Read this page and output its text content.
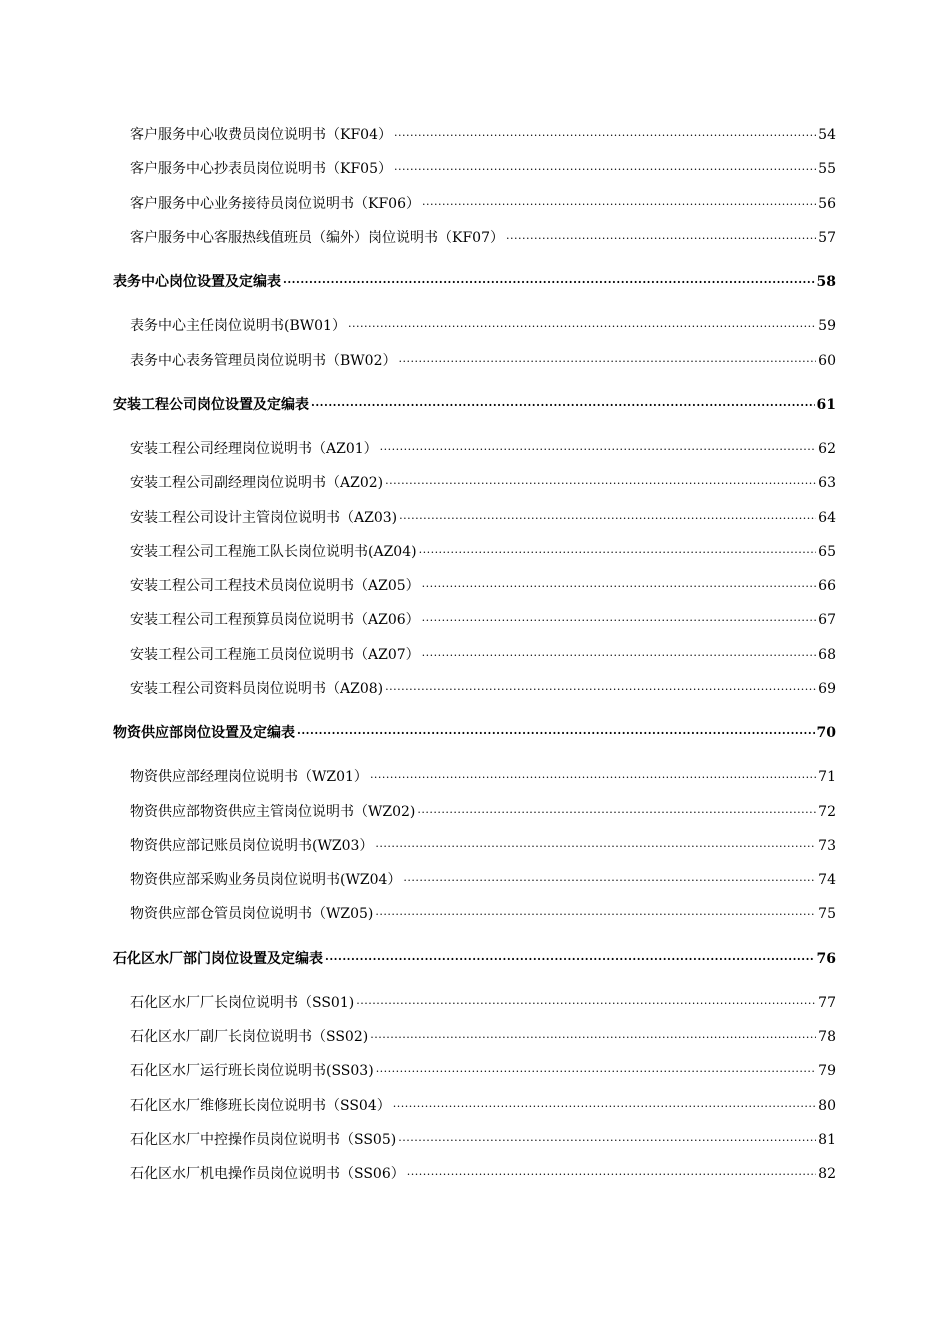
客户服务中心收费员岗位说明书（KF04） .....	54
客户服务中心抄表员岗位说明书（KF05） .....	55
客户服务中心业务接待员岗位说明书（KF06） .....	56
客户服务中心客服热线值班员（编外）岗位说明书（KF07） .....	57
表务中心岗位设置及定编表 .....	58
表务中心主任岗位说明书(BW01） .....	59
表务中心表务管理员岗位说明书（BW02） .....	60
安装工程公司岗位设置及定编表 .....	61
安装工程公司经理岗位说明书（AZ01） .....	62
安装工程公司副经理岗位说明书（AZ02) .....	63
安装工程公司设计主管岗位说明书（AZ03) .....	64
安装工程公司工程施工队长岗位说明书(AZ04) .....	65
安装工程公司工程技术员岗位说明书（AZ05） .....	66
安装工程公司工程预算员岗位说明书（AZ06） .....	67
安装工程公司工程施工员岗位说明书（AZ07） .....	68
安装工程公司资料员岗位说明书（AZ08) .....	69
物资供应部岗位设置及定编表 .....	70
物资供应部经理岗位说明书（WZ01） .....	71
物资供应部物资供应主管岗位说明书（WZ02) .....	72
物资供应部记账员岗位说明书(WZ03） .....	73
物资供应部采购业务员岗位说明书(WZ04） .....	74
物资供应部仓管员岗位说明书（WZ05) .....	75
石化区水厂部门岗位设置及定编表 .....	76
石化区水厂厂长岗位说明书（SS01) .....	77
石化区水厂副厂长岗位说明书（SS02) .....	78
石化区水厂运行班长岗位说明书(SS03) .....	79
石化区水厂维修班长岗位说明书（SS04） .....	80
石化区水厂中控操作员岗位说明书（SS05) .....	81
石化区水厂机电操作员岗位说明书（SS06） .....	82
